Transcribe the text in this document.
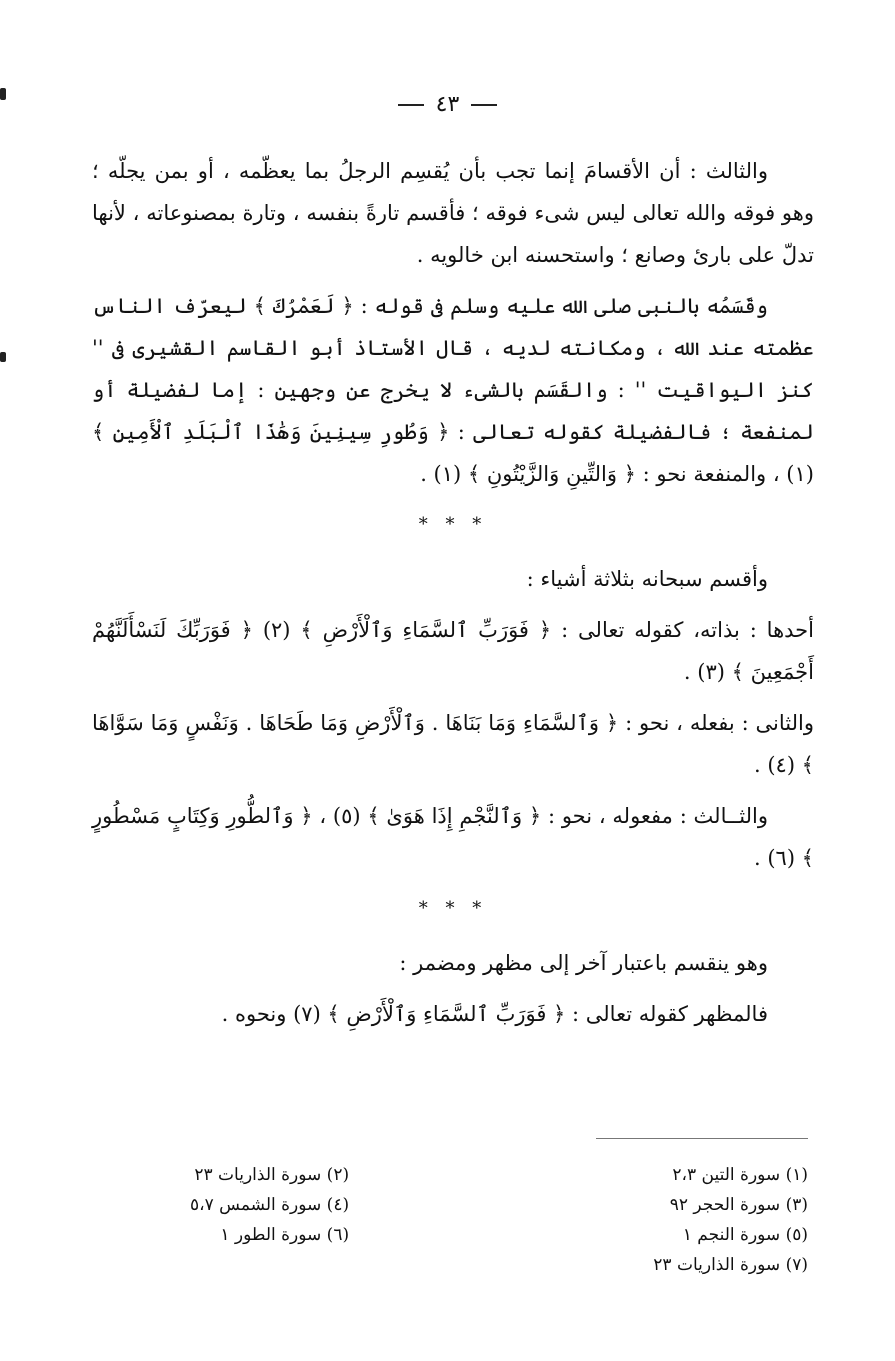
٤٣

والثالث : أن الأقسامَ إنما تجب بأن يُقسِم الرجلُ بما يعظّمه ، أو بمن يجلّه ؛ وهو فوقه والله تعالى ليس شىء فوقه ؛ فأقسم تارةً بنفسه ، وتارة بمصنوعاته ، لأنها تدلّ على بارئ وصانع ؛ واستحسنه ابن خالويه .

وقَسَمُه بالنبى صلى الله عليه وسلم فى قوله : ﴿ لَعَمْرُكَ ﴾ ليعرّف الناس عظمته عند الله ، ومكانته لديه ، قال الأستاذ أبو القاسم القشيرى فى '' كنز اليواقيت '' : والقَسَم بالشىء لا يخرج عن وجهين : إما لفضيلة أو لمنفعة ؛ فالفضيلة كقوله تعالى : ﴿ وَطُورِ سِينِينَ وَهَٰذَا ٱلْبَلَدِ ٱلْأَمِينِ ﴾ (١) ، والمنفعة نحو : ﴿ وَالتِّينِ وَالزَّيْتُونِ ﴾ (١) .

* * *

وأقسم سبحانه بثلاثة أشياء :

أحدها : بذاته، كقوله تعالى : ﴿ فَوَرَبِّ ٱلسَّمَاءِ وَٱلْأَرْضِ ﴾ (٢) ﴿ فَوَرَبِّكَ لَنَسْأَلَنَّهُمْ أَجْمَعِينَ ﴾ (٣) .

والثانى : بفعله ، نحو : ﴿ وَٱلسَّمَاءِ وَمَا بَنَاهَا . وَٱلْأَرْضِ وَمَا طَحَاهَا . وَنَفْسٍ وَمَا سَوَّاهَا ﴾ (٤) .

والثــالث : مفعوله ، نحو : ﴿ وَٱلنَّجْمِ إِذَا هَوَىٰ ﴾ (٥) ، ﴿ وَٱلطُّورِ وَكِتَابٍ مَسْطُورٍ ﴾ (٦) .

* * *

وهو ينقسم باعتبار آخر إلى مظهر ومضمر :

فالمظهر كقوله تعالى : ﴿ فَوَرَبِّ ٱلسَّمَاءِ وَٱلْأَرْضِ ﴾ (٧) ونحوه .

(١) سورة التين ٢،٣
(٣) سورة الحجر ٩٢
(٥) سورة النجم ١
(٧) سورة الذاريات ٢٣
(٢) سورة الذاريات ٢٣
(٤) سورة الشمس ٥،٧
(٦) سورة الطور ١
